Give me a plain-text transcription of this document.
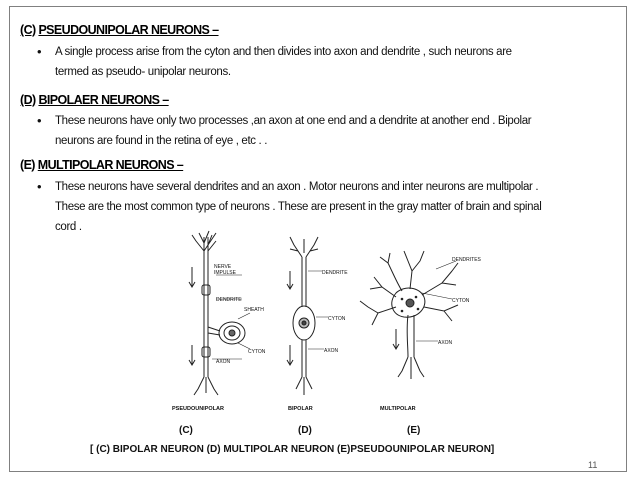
(C) PSEUDOUNIPOLAR NEURONS –
• A single process arise from the cyton and then divides into axon and dendrite , such neurons are
termed as pseudo- unipolar neurons.
(D) BIPOLAER NEURONS –
• These neurons have only two processes ,an axon at one end and a dendrite at another end . Bipolar
neurons are found in the retina of eye , etc . .
(E) MULTIPOLAR NEURONS –
• These neurons have several dendrites and an axon . Motor neurons and inter neurons are multipolar .
These are the most common type of neurons . These are present in the gray matter of brain and spinal
cord .
NERVE
IMPULSE
DENDRITE
SHEATH
CYTON
AXON
PSEUDOUNIPOLAR
DENDRITE
CYTON
AXON
BIPOLAR
DENDRITES
CYTON
AXON
MULTIPOLAR
(C)	(D)	(E)
[ (C) BIPOLAR NEURON (D) MULTIPOLAR NEURON (E)PSEUDOUNIPOLAR NEURON]
11
